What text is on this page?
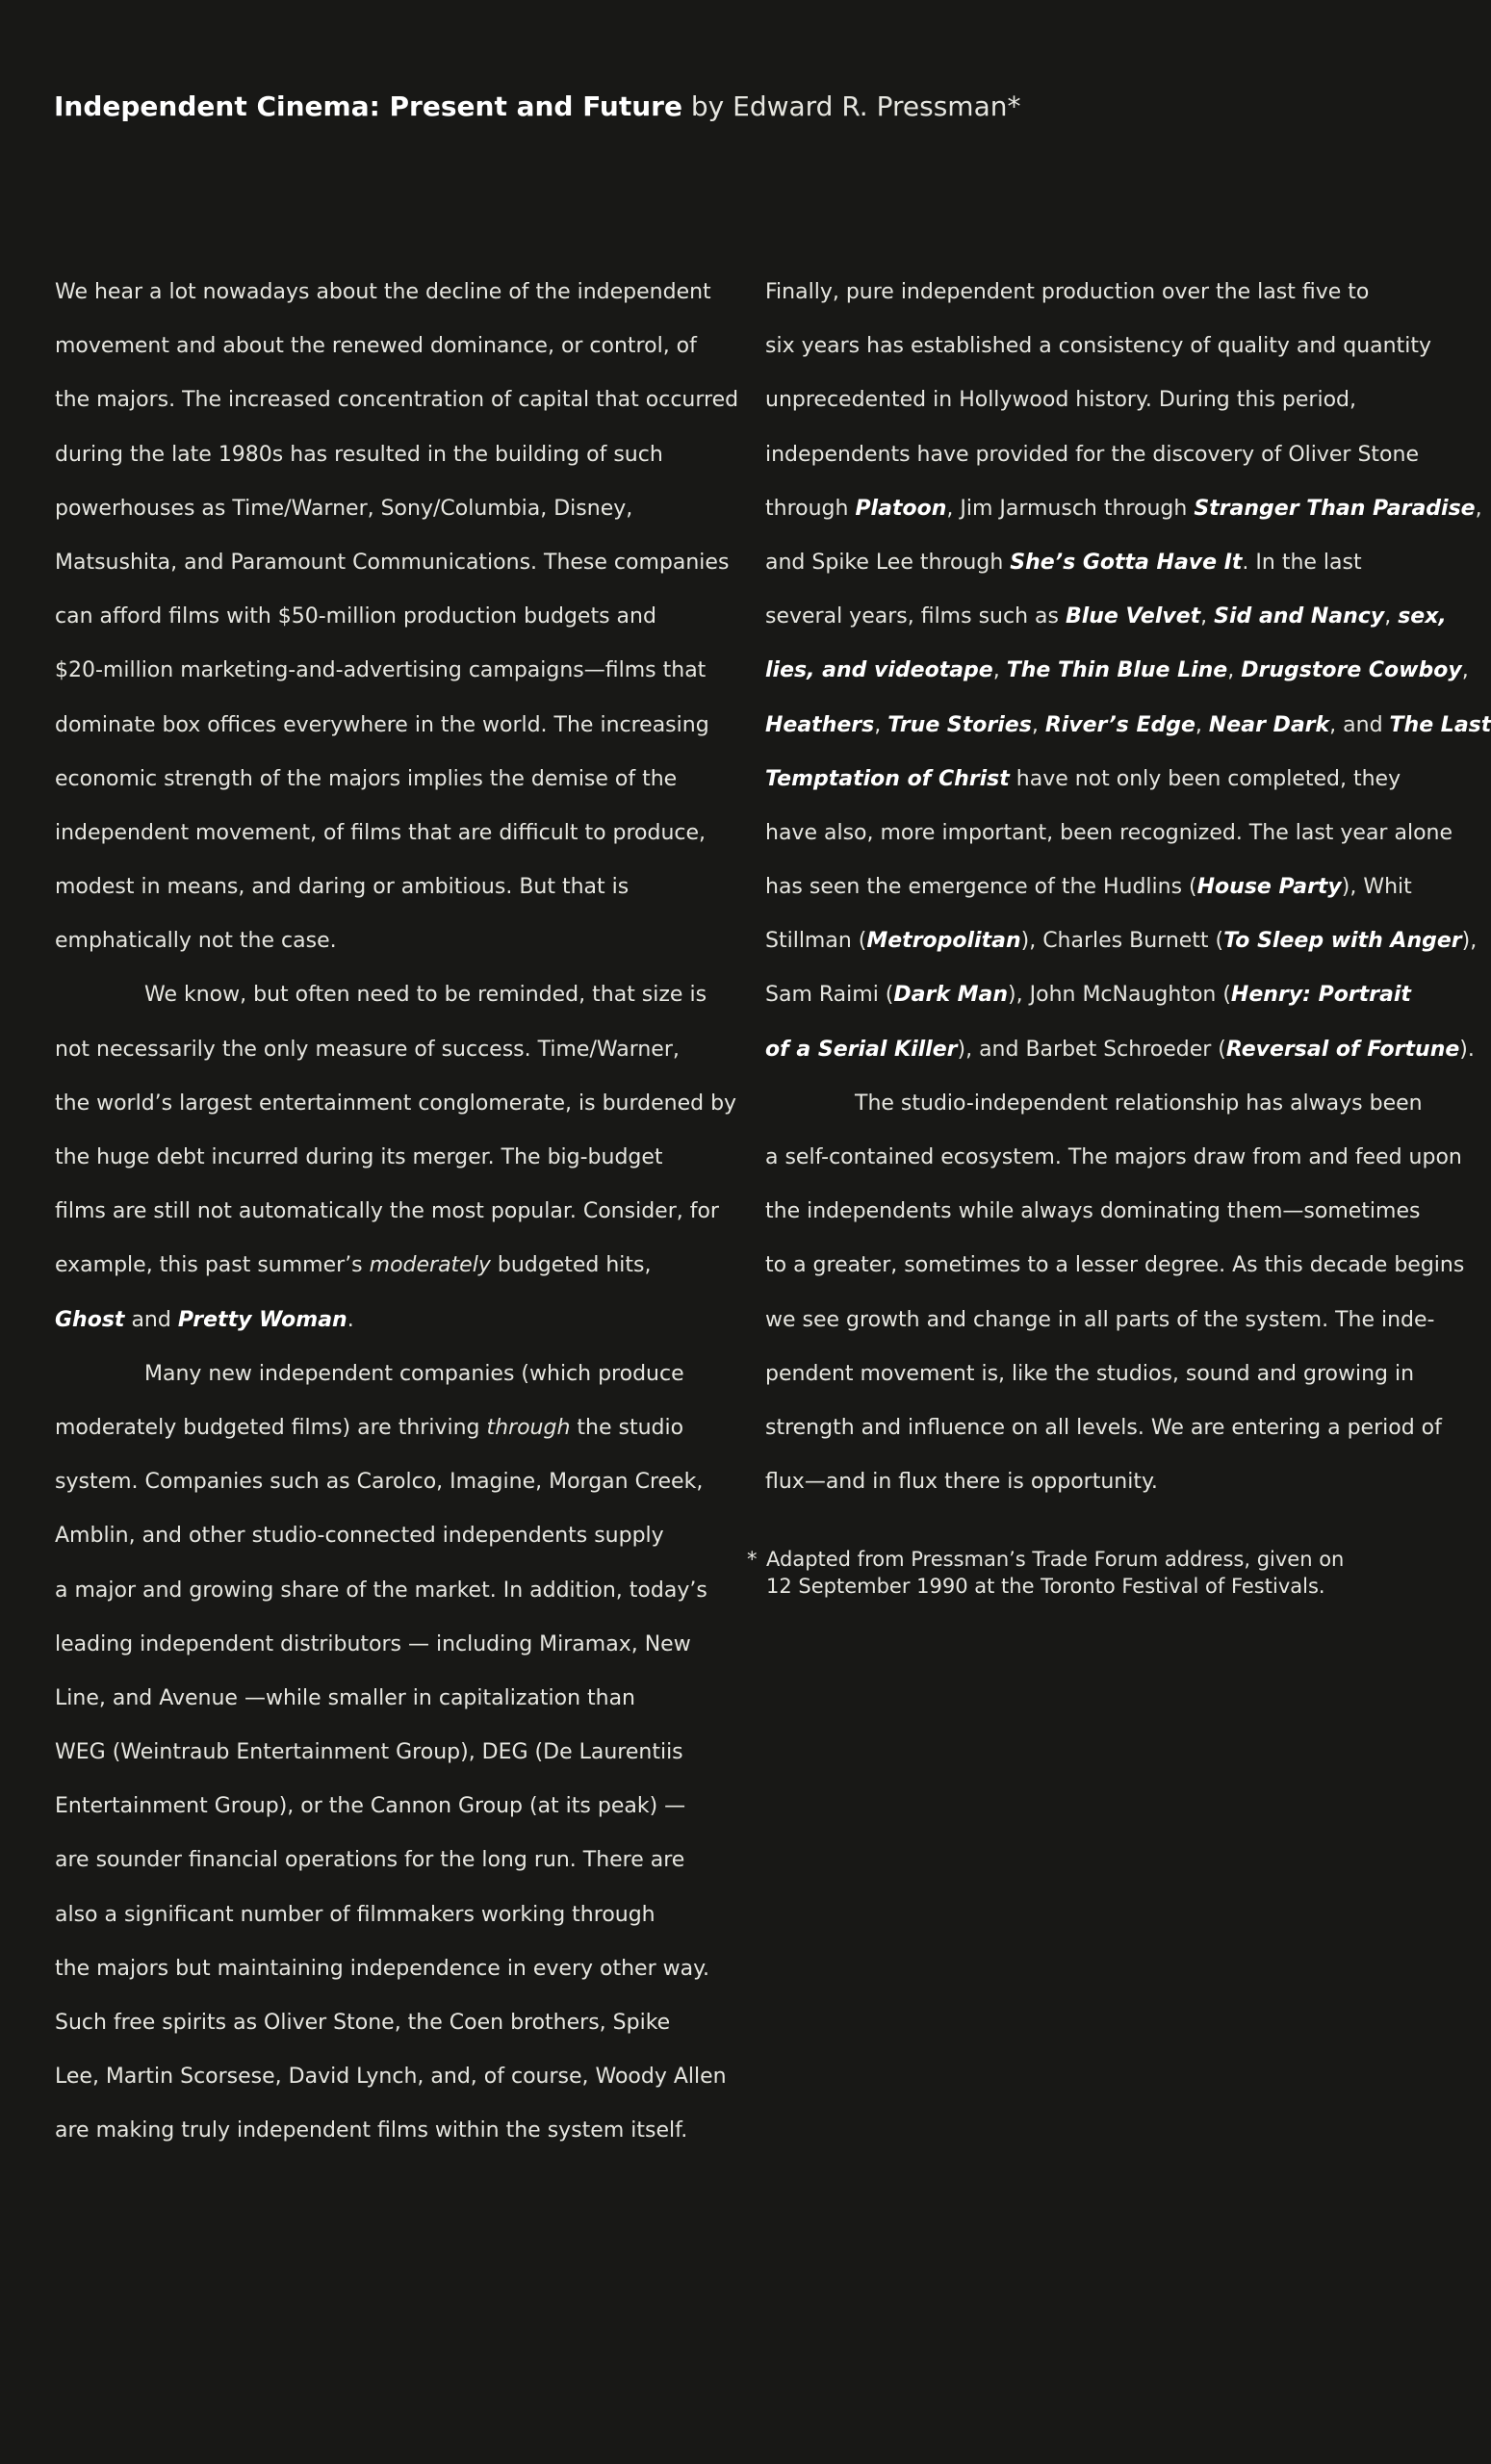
Independent Cinema: Present and Future by Edward R. Pressman*
We hear a lot nowadays about the decline of the independent
movement and about the renewed dominance, or control, of
the majors. The increased concentration of capital that occurred
during the late 1980s has resulted in the building of such
powerhouses as Time/Warner, Sony/Columbia, Disney,
Matsushita, and Paramount Communications. These companies
can afford films with $50-million production budgets and
$20-million marketing-and-advertising campaigns—films that
dominate box offices everywhere in the world. The increasing
economic strength of the majors implies the demise of the
independent movement, of films that are difficult to produce,
modest in means, and daring or ambitious. But that is
emphatically not the case.
We know, but often need to be reminded, that size is
not necessarily the only measure of success. Time/Warner,
the world’s largest entertainment conglomerate, is burdened by
the huge debt incurred during its merger. The big-budget
films are still not automatically the most popular. Consider, for
example, this past summer’s moderately budgeted hits,
Ghost and Pretty Woman.
Many new independent companies (which produce
moderately budgeted films) are thriving through the studio
system. Companies such as Carolco, Imagine, Morgan Creek,
Amblin, and other studio-connected independents supply
a major and growing share of the market. In addition, today’s
leading independent distributors — including Miramax, New
Line, and Avenue —while smaller in capitalization than
WEG (Weintraub Entertainment Group), DEG (De Laurentiis
Entertainment Group), or the Cannon Group (at its peak) —
are sounder financial operations for the long run. There are
also a significant number of filmmakers working through
the majors but maintaining independence in every other way.
Such free spirits as Oliver Stone, the Coen brothers, Spike
Lee, Martin Scorsese, David Lynch, and, of course, Woody Allen
are making truly independent films within the system itself.
Finally, pure independent production over the last five to
six years has established a consistency of quality and quantity
unprecedented in Hollywood history. During this period,
independents have provided for the discovery of Oliver Stone
through Platoon, Jim Jarmusch through Stranger Than Paradise,
and Spike Lee through She’s Gotta Have It. In the last
several years, films such as Blue Velvet, Sid and Nancy, sex,
lies, and videotape, The Thin Blue Line, Drugstore Cowboy,
Heathers, True Stories, River’s Edge, Near Dark, and The Last
Temptation of Christ have not only been completed, they
have also, more important, been recognized. The last year alone
has seen the emergence of the Hudlins (House Party), Whit
Stillman (Metropolitan), Charles Burnett (To Sleep with Anger),
Sam Raimi (Dark Man), John McNaughton (Henry: Portrait
of a Serial Killer), and Barbet Schroeder (Reversal of Fortune).
The studio-independent relationship has always been
a self-contained ecosystem. The majors draw from and feed upon
the independents while always dominating them—sometimes
to a greater, sometimes to a lesser degree. As this decade begins
we see growth and change in all parts of the system. The inde-
pendent movement is, like the studios, sound and growing in
strength and influence on all levels. We are entering a period of
flux—and in flux there is opportunity.
* Adapted from Pressman’s Trade Forum address, given on
12 September 1990 at the Toronto Festival of Festivals.
